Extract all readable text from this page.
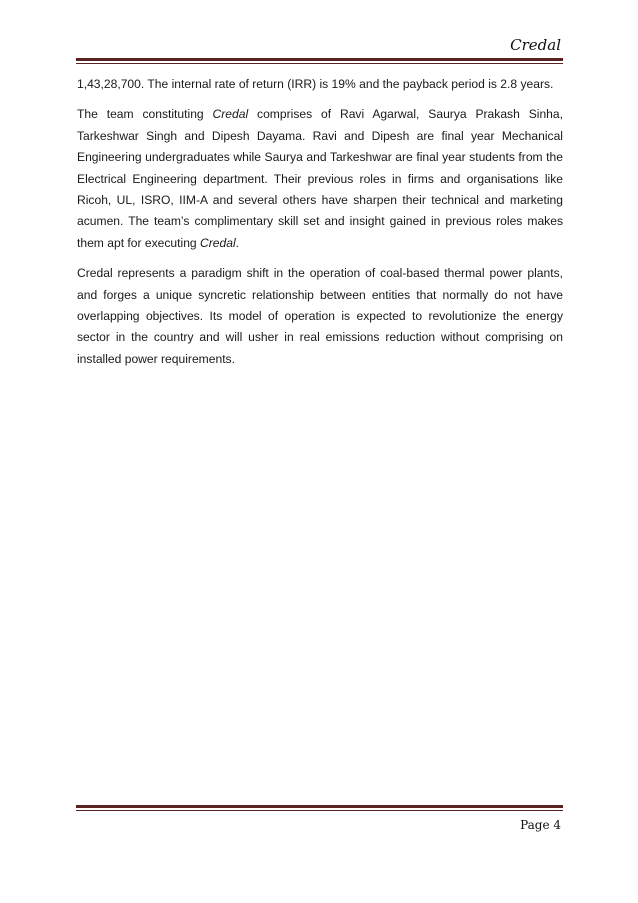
Credal

1,43,28,700. The internal rate of return (IRR) is 19% and the payback period is 2.8 years.

The team constituting Credal comprises of Ravi Agarwal, Saurya Prakash Sinha, Tarkeshwar Singh and Dipesh Dayama. Ravi and Dipesh are final year Mechanical Engineering undergraduates while Saurya and Tarkeshwar are final year students from the Electrical Engineering department. Their previous roles in firms and organisations like Ricoh, UL, ISRO, IIM-A and several others have sharpen their technical and marketing acumen. The team’s complimentary skill set and insight gained in previous roles makes them apt for executing Credal.

Credal represents a paradigm shift in the operation of coal-based thermal power plants, and forges a unique syncretic relationship between entities that normally do not have overlapping objectives. Its model of operation is expected to revolutionize the energy sector in the country and will usher in real emissions reduction without comprising on installed power requirements.

Page 4
